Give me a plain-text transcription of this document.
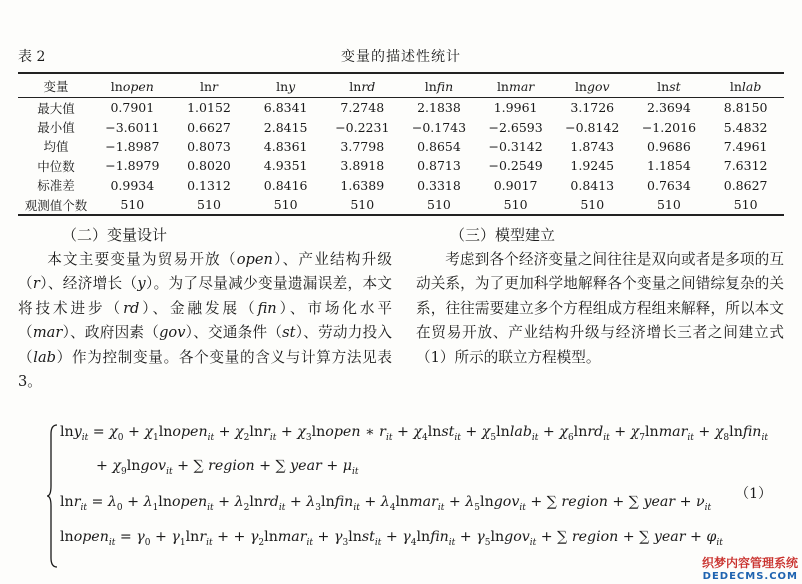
表 2	变量的描述性统计
变量	lnopen	lnr	lny	lnrd	lnfin	lnmar	lngov	lnst	lnlab
最大值	0.7901	1.0152	6.8341	7.2748	2.1838	1.9961	3.1726	2.3694	8.8150
最小值	−3.6011	0.6627	2.8415	−0.2231	−0.1743	−2.6593	−0.8142	−1.2016	5.4832
均值	−1.8987	0.8073	4.8361	3.7798	0.8654	−0.3142	1.8743	0.9686	7.4961
中位数	−1.8979	0.8020	4.9351	3.8918	0.8713	−0.2549	1.9245	1.1854	7.6312
标准差	0.9934	0.1312	0.8416	1.6389	0.3318	0.9017	0.8413	0.7634	0.8627
观测值个数	510	510	510	510	510	510	510	510	510
（二）变量设计	（三）模型建立
本文主要变量为贸易开放（open）、产业结构升级（r）、经济增长（y）。为了尽量减少变量遗漏误差，本文将技术进步（rd）、金融发展（fin）、市场化水平（mar）、政府因素（gov）、交通条件（st）、劳动力投入（lab）作为控制变量。各个变量的含义与计算方法见表 3。
考虑到各个经济变量之间往往是双向或者是多项的互动关系，为了更加科学地解释各个变量之间错综复杂的关系，往往需要建立多个方程组成方程组来解释，所以本文在贸易开放、产业结构升级与经济增长三者之间建立式（1）所示的联立方程模型。
$\ln y_{it} = \chi_0$ + $\chi_1lnopen_{it} + \chi_2\ln r_{it}$ + $\chi_3lnopen$ ∗ $r_{it}$ + $\chi_4lnst_{it}$ + $\chi_5lnlab_{it}$ + $\chi_6lnrd_{it}$ + $\chi_7lnmar_{it}$ + $\chi_8lnfin_{it}$
+ $\chi_9lngov_{it}$ + ∑ region + ∑ year + $\mu_{it}$
$\ln r_{it} = \lambda_0$ + $\lambda_1lnopen_{it}$ + $\lambda_2lnrd_{it}$ + $\lambda_3lnfin_{it}$ + $\lambda_4lnmar_{it}$ + $\lambda_5lngov_{it}$ + ∑ region + ∑ year + $\nu_{it}$
lnopen$_{it}$ = $\gamma_0 + \gamma_1\ln r_{it}$ + + $\gamma_2lnmar_{it}$ + $\gamma_3lnst_{it}$ + $\gamma_4lnfin_{it}$ + $\gamma_5lngov_{it}$ + ∑ region + ∑ year + $\varphi_{it}$
（1）
织梦内容管理系统
DEDECMS.COM
